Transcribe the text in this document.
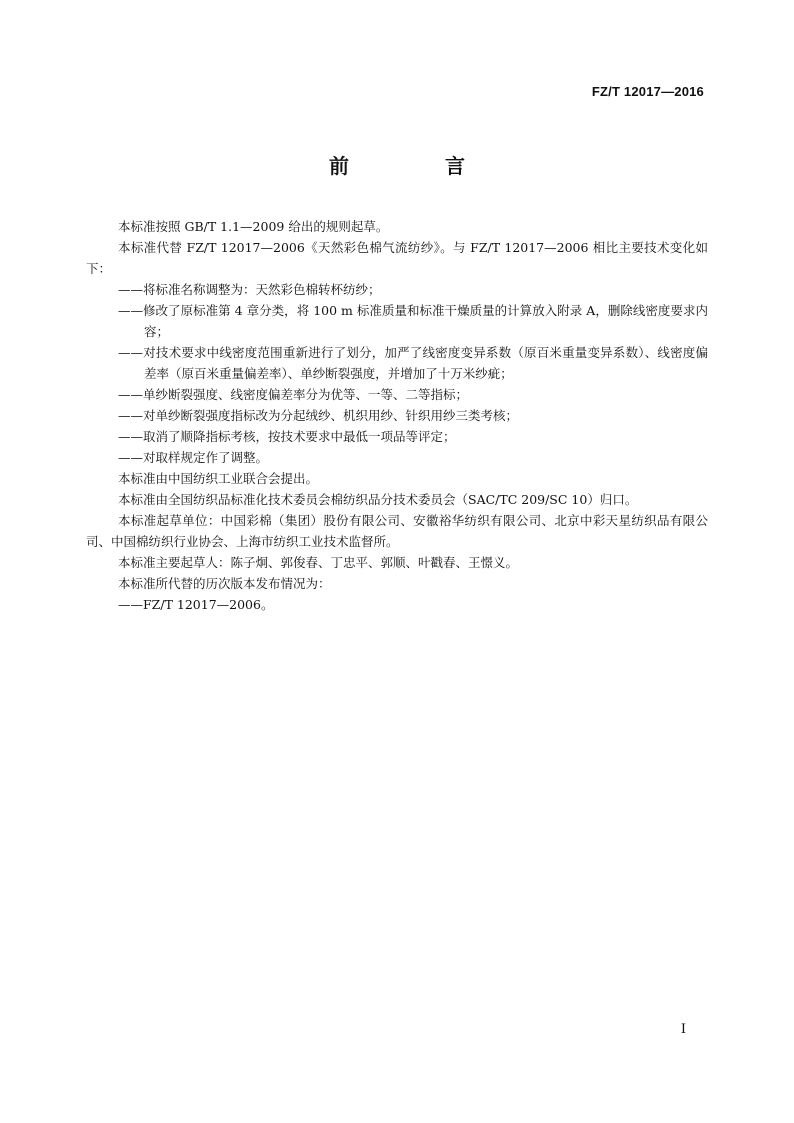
FZ/T 12017—2016
前　言

本标准按照 GB/T 1.1—2009 给出的规则起草。

本标准代替 FZ/T 12017—2006《天然彩色棉气流纺纱》。与 FZ/T 12017—2006 相比主要技术变化如下：

——将标准名称调整为：天然彩色棉转杯纺纱；

——修改了原标准第 4 章分类，将 100 m 标准质量和标准干燥质量的计算放入附录 A，删除线密度要求内容；

——对技术要求中线密度范围重新进行了划分，加严了线密度变异系数（原百米重量变异系数）、线密度偏差率（原百米重量偏差率）、单纱断裂强度，并增加了十万米纱疵；

——单纱断裂强度、线密度偏差率分为优等、一等、二等指标；

——对单纱断裂强度指标改为分起绒纱、机织用纱、针织用纱三类考核；

——取消了顺降指标考核，按技术要求中最低一项品等评定；

——对取样规定作了调整。

本标准由中国纺织工业联合会提出。

本标准由全国纺织品标准化技术委员会棉纺织品分技术委员会（SAC/TC 209/SC 10）归口。

本标准起草单位：中国彩棉（集团）股份有限公司、安徽裕华纺织有限公司、北京中彩天星纺织品有限公司、中国棉纺织行业协会、上海市纺织工业技术监督所。

本标准主要起草人：陈子炯、郭俊春、丁忠平、郭顺、叶戳春、王憬义。

本标准所代替的历次版本发布情况为：

——FZ/T 12017—2006。

I
